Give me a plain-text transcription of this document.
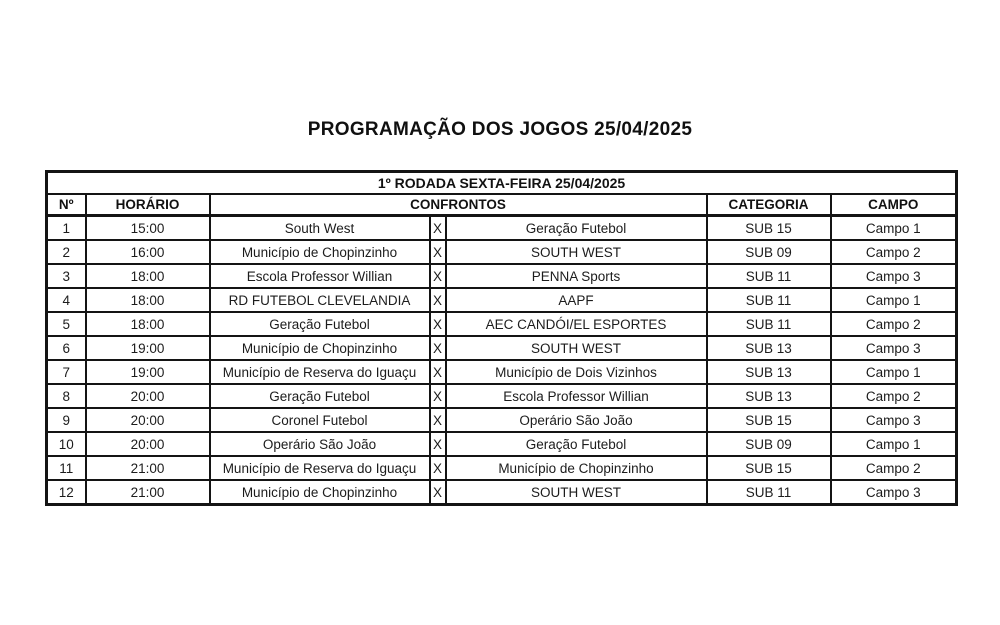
PROGRAMAÇÃO DOS JOGOS 25/04/2025
1º RODADA SEXTA-FEIRA 25/04/2025						
Nº	HORÁRIO	CONFRONTOS			CATEGORIA	CAMPO
1	15:00	South West	X	Geração Futebol	SUB 15	Campo 1
2	16:00	Município de Chopinzinho	X	SOUTH WEST	SUB 09	Campo 2
3	18:00	Escola Professor Willian	X	PENNA Sports	SUB 11	Campo 3
4	18:00	RD FUTEBOL CLEVELANDIA	X	AAPF	SUB 11	Campo 1
5	18:00	Geração Futebol	X	AEC CANDÓI/EL ESPORTES	SUB 11	Campo 2
6	19:00	Município de Chopinzinho	X	SOUTH WEST	SUB 13	Campo 3
7	19:00	Município de Reserva do Iguaçu	X	Município de Dois Vizinhos	SUB 13	Campo 1
8	20:00	Geração Futebol	X	Escola Professor Willian	SUB 13	Campo 2
9	20:00	Coronel Futebol	X	Operário São João	SUB 15	Campo 3
10	20:00	Operário São João	X	Geração Futebol	SUB 09	Campo 1
11	21:00	Município de Reserva do Iguaçu	X	Município de Chopinzinho	SUB 15	Campo 2
12	21:00	Município de Chopinzinho	X	SOUTH WEST	SUB 11	Campo 3
